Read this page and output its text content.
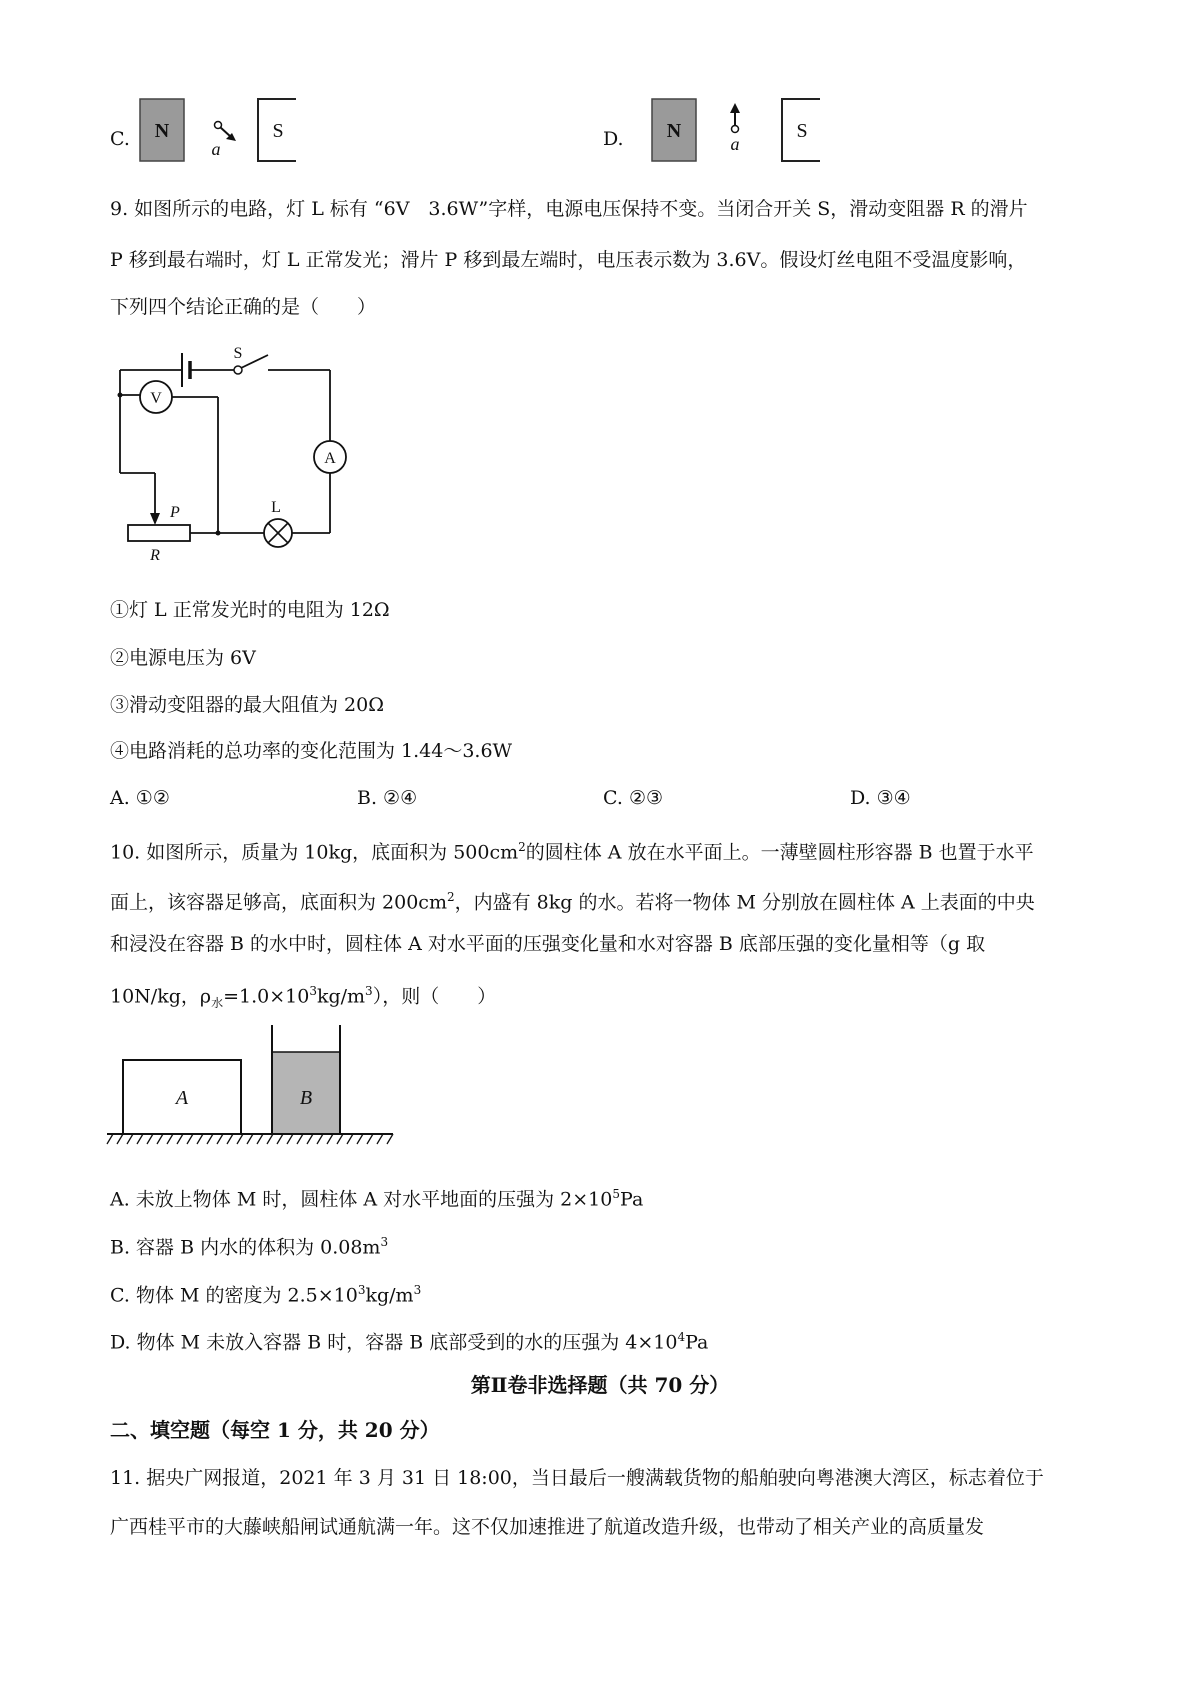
C. N
a
S	D. N
a
S
9. 如图所示的电路，灯 L 标有 “6V　3.6W”字样，电源电压保持不变。当闭合开关 S，滑动变阻器 R 的滑片
P 移到最右端时，灯 L 正常发光；滑片 P 移到最左端时，电压表示数为 3.6V。假设灯丝电阻不受温度影响，
下列四个结论正确的是（　　）
S
A
L
R
P
V
①灯 L 正常发光时的电阻为 12Ω
②电源电压为 6V
③滑动变阻器的最大阻值为 20Ω
④电路消耗的总功率的变化范围为 1.44～3.6W
A. ①②	B. ②④	C. ②③	D. ③④
10. 如图所示，质量为 10kg，底面积为 $500cm^2$的圆柱体 A 放在水平面上。一薄壁圆柱形容器 B 也置于水平
面上，该容器足够高，底面积为 $200cm^2$，内盛有 8kg 的水。若将一物体 M 分别放在圆柱体 A 上表面的中央
和浸没在容器 B 的水中时，圆柱体 A 对水平面的压强变化量和水对容器 B 底部压强的变化量相等（g 取
10N/kg，$\rho_水=1.0\times 10^3kg/m^3$），则（　　）
A	B
A. 未放上物体 M 时，圆柱体 A 对水平地面的压强为 $2\times 10^5Pa$
B. 容器 B 内水的体积为 $0.08m^3$
C. 物体 M 的密度为 $2.5\times 10^3kg/m^3$
D. 物体 M 未放入容器 B 时，容器 B 底部受到的水的压强为 $4\times 10^4Pa$
第Ⅱ卷非选择题（共 70 分）
二、填空题（每空 1 分，共 20 分）
11. 据央广网报道，2021 年 3 月 31 日 18:00，当日最后一艘满载货物的船舶驶向粤港澳大湾区，标志着位于
广西桂平市的大藤峡船闸试通航满一年。这不仅加速推进了航道改造升级，也带动了相关产业的高质量发
